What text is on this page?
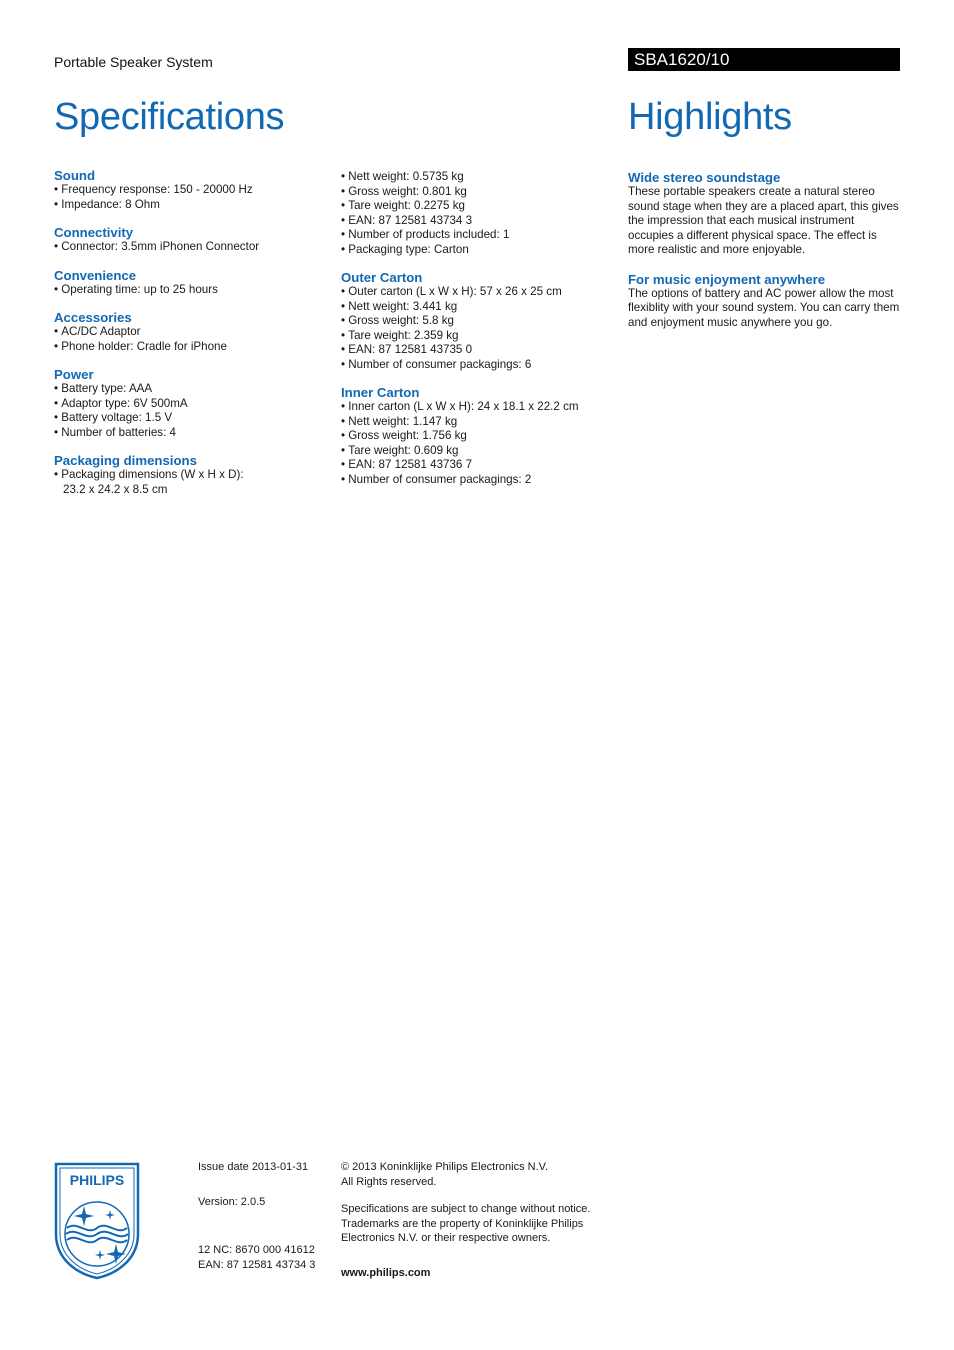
Portable Speaker System	SBA1620/10
Specifications	Highlights
Sound
• Frequency response: 150 - 20000 Hz
• Impedance: 8 Ohm
Connectivity
• Connector: 3.5mm iPhonen Connector
Convenience
• Operating time: up to 25 hours
Accessories
• AC/DC Adaptor
• Phone holder: Cradle for iPhone
Power
• Battery type: AAA
• Adaptor type: 6V 500mA
• Battery voltage: 1.5 V
• Number of batteries: 4
Packaging dimensions
• Packaging dimensions (W x H x D): 23.2 x 24.2 x 8.5 cm
• Nett weight: 0.5735 kg
• Gross weight: 0.801 kg
• Tare weight: 0.2275 kg
• EAN: 87 12581 43734 3
• Number of products included: 1
• Packaging type: Carton
Outer Carton
• Outer carton (L x W x H): 57 x 26 x 25 cm
• Nett weight: 3.441 kg
• Gross weight: 5.8 kg
• Tare weight: 2.359 kg
• EAN: 87 12581 43735 0
• Number of consumer packagings: 6
Inner Carton
• Inner carton (L x W x H): 24 x 18.1 x 22.2 cm
• Nett weight: 1.147 kg
• Gross weight: 1.756 kg
• Tare weight: 0.609 kg
• EAN: 87 12581 43736 7
• Number of consumer packagings: 2
Wide stereo soundstage

These portable speakers create a natural stereo sound stage when they are a placed apart, this gives the impression that each musical instrument occupies a different physical space. The effect is more realistic and more enjoyable.

For music enjoyment anywhere

The options of battery and AC power allow the most flexiblity with your sound system. You can carry them and enjoyment music anywhere you go.

PHILIPS
Issue date 2013-01-31
Version: 2.0.5
12 NC: 8670 000 41612
EAN: 87 12581 43734 3
© 2013 Koninklijke Philips Electronics N.V.
All Rights reserved.
Specifications are subject to change without notice.
Trademarks are the property of Koninklijke Philips
Electronics N.V. or their respective owners.
www.philips.com
